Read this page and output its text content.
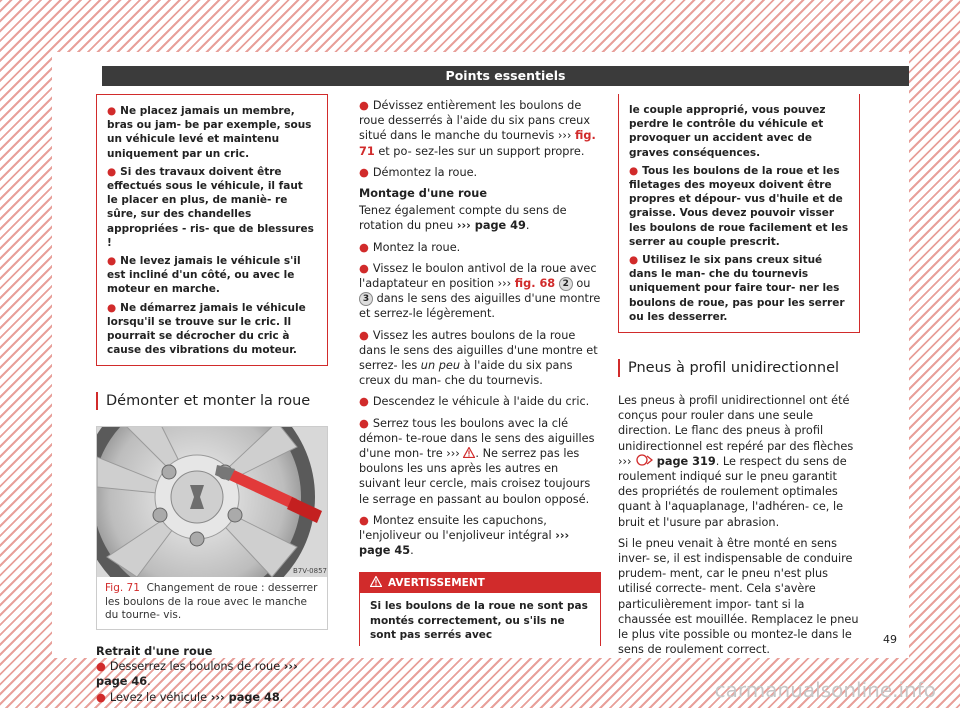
Points essentiels

● Ne placez jamais un membre, bras ou jam- be par exemple, sous un véhicule levé et maintenu uniquement par un cric.

● Si des travaux doivent être effectués sous le véhicule, il faut le placer en plus, de maniè- re sûre, sur des chandelles appropriées - ris- que de blessures !

● Ne levez jamais le véhicule s'il est incliné d'un côté, ou avec le moteur en marche.

● Ne démarrez jamais le véhicule lorsqu'il se trouve sur le cric. Il pourrait se décrocher du cric à cause des vibrations du moteur.

Démonter et monter la roue
B7V-0857
Fig. 71 Changement de roue : desserrer les boulons de la roue avec le manche du tourne- vis.
Retrait d'une roue
● Desserrez les boulons de roue ››› page 46.
● Levez le véhicule ››› page 48.

● Dévissez entièrement les boulons de roue desserrés à l'aide du six pans creux situé dans le manche du tournevis ››› fig. 71 et po- sez-les sur un support propre.

● Démontez la roue.

Montage d'une roue

Tenez également compte du sens de rotation du pneu ››› page 49.

● Montez la roue.

● Vissez le boulon antivol de la roue avec l'adaptateur en position ››› fig. 68 2 ou 3 dans le sens des aiguilles d'une montre et serrez-le légèrement.

● Vissez les autres boulons de la roue dans le sens des aiguilles d'une montre et serrez- les un peu à l'aide du six pans creux du man- che du tournevis.

● Descendez le véhicule à l'aide du cric.

● Serrez tous les boulons avec la clé démon- te-roue dans le sens des aiguilles d'une mon- tre ››› . Ne serrez pas les boulons les uns après les autres en suivant leur cercle, mais croisez toujours le serrage en passant au boulon opposé.

● Montez ensuite les capuchons, l'enjoliveur ou l'enjoliveur intégral ››› page 45.

AVERTISSEMENT
Si les boulons de la roue ne sont pas montés correctement, ou s'ils ne sont pas serrés avec

le couple approprié, vous pouvez perdre le contrôle du véhicule et provoquer un accident avec de graves conséquences.

● Tous les boulons de la roue et les filetages des moyeux doivent être propres et dépour- vus d'huile et de graisse. Vous devez pouvoir visser les boulons de roue facilement et les serrer au couple prescrit.

● Utilisez le six pans creux situé dans le man- che du tournevis uniquement pour faire tour- ner les boulons de roue, pas pour les serrer ou les desserrer.

Pneus à profil unidirectionnel

Les pneus à profil unidirectionnel ont été conçus pour rouler dans une seule direction. Le flanc des pneus à profil unidirectionnel est repéré par des flèches ›››  page 319. Le respect du sens de roulement indiqué sur le pneu garantit des propriétés de roulement optimales quant à l'aquaplanage, l'adhéren- ce, le bruit et l'usure par abrasion.

Si le pneu venait à être monté en sens inver- se, il est indispensable de conduire prudem- ment, car le pneu n'est plus utilisé correcte- ment. Cela s'avère particulièrement impor- tant si la chaussée est mouillée. Remplacez le pneu le plus vite possible ou montez-le dans le sens de roulement correct.

49
carmanualsonline.info
